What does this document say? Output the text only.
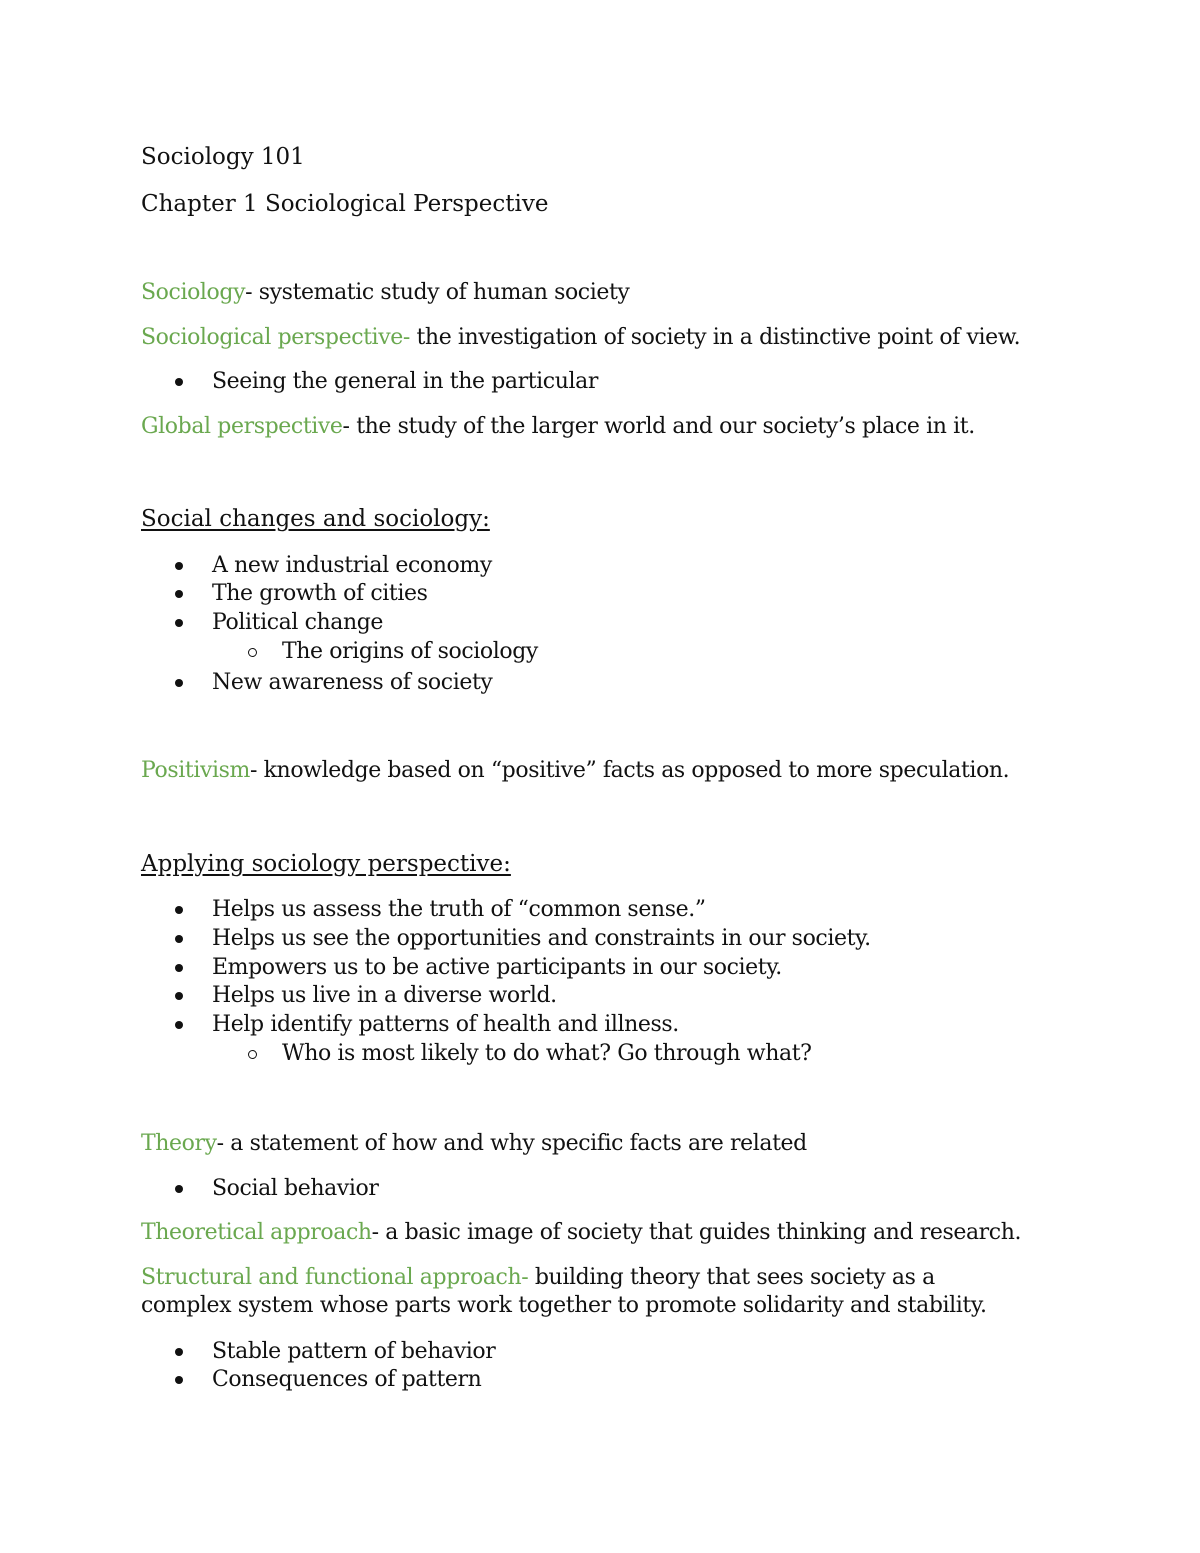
Sociology 101
Chapter 1 Sociological Perspective
Sociology- systematic study of human society
Sociological perspective- the investigation of society in a distinctive point of view.
Seeing the general in the particular
Global perspective- the study of the larger world and our society’s place in it.
Social changes and sociology:
A new industrial economy
The growth of cities
Political change
The origins of sociology
New awareness of society
Positivism- knowledge based on “positive” facts as opposed to more speculation.
Applying sociology perspective:
Helps us assess the truth of “common sense.”
Helps us see the opportunities and constraints in our society.
Empowers us to be active participants in our society.
Helps us live in a diverse world.
Help identify patterns of health and illness.
Who is most likely to do what? Go through what?
Theory- a statement of how and why specific facts are related
Social behavior
Theoretical approach- a basic image of society that guides thinking and research.
Structural and functional approach- building theory that sees society as a complex system whose parts work together to promote solidarity and stability.
Stable pattern of behavior
Consequences of pattern
